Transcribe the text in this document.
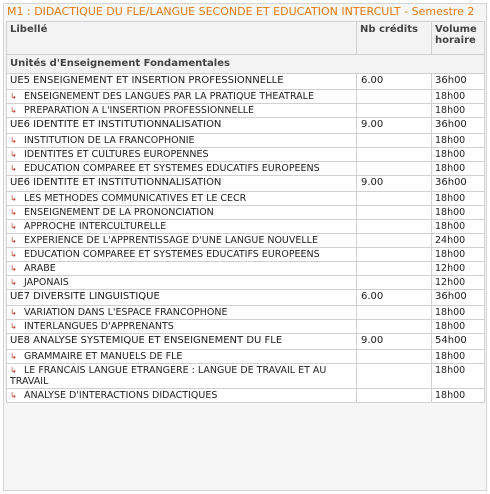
M1 : DIDACTIQUE DU FLE/LANGUE SECONDE ET EDUCATION INTERCULT - Semestre 2
Libellé	Nb crédits	Volume horaire
Unités d'Enseignement Fondamentales		
UE5 ENSEIGNEMENT ET INSERTION PROFESSIONNELLE	6.00	36h00
↳ ENSEIGNEMENT DES LANGUES PAR LA PRATIQUE THEATRALE		18h00
↳ PREPARATION A L'INSERTION PROFESSIONNELLE		18h00
UE6 IDENTITE ET INSTITUTIONNALISATION	9.00	36h00
↳ INSTITUTION DE LA FRANCOPHONIE		18h00
↳ IDENTITES ET CULTURES EUROPENNES		18h00
↳ EDUCATION COMPAREE ET SYSTEMES EDUCATIFS EUROPEENS		18h00
UE6 IDENTITE ET INSTITUTIONNALISATION	9.00	36h00
↳ LES METHODES COMMUNICATIVES ET LE CECR		18h00
↳ ENSEIGNEMENT DE LA PRONONCIATION		18h00
↳ APPROCHE INTERCULTURELLE		18h00
↳ EXPERIENCE DE L'APPRENTISSAGE D'UNE LANGUE NOUVELLE		24h00
↳ EDUCATION COMPAREE ET SYSTEMES EDUCATIFS EUROPEENS		18h00
↳ ARABE		12h00
↳ JAPONAIS		12h00
UE7 DIVERSITE LINGUISTIQUE	6.00	36h00
↳ VARIATION DANS L'ESPACE FRANCOPHONE		18h00
↳ INTERLANGUES D'APPRENANTS		18h00
UE8 ANALYSE SYSTEMIQUE ET ENSEIGNEMENT DU FLE	9.00	54h00
↳ GRAMMAIRE ET MANUELS DE FLE		18h00
↳ LE FRANCAIS LANGUE ETRANGERE : LANGUE DE TRAVAIL ET AU TRAVAIL		18h00
↳ ANALYSE D'INTERACTIONS DIDACTIQUES		18h00
